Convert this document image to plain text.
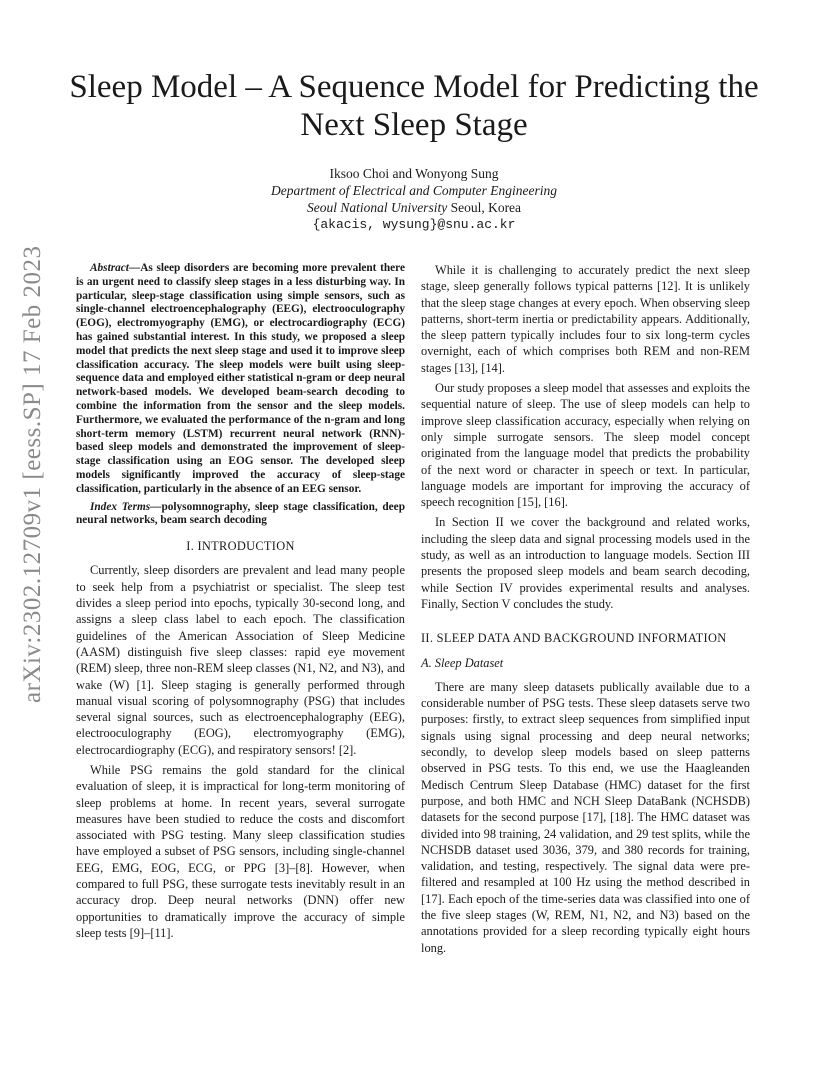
arXiv:2302.12709v1 [eess.SP] 17 Feb 2023
Sleep Model – A Sequence Model for Predicting the Next Sleep Stage
Iksoo Choi and Wonyong Sung
Department of Electrical and Computer Engineering
Seoul National University Seoul, Korea
{akacis, wysung}@snu.ac.kr

Abstract—As sleep disorders are becoming more prevalent there is an urgent need to classify sleep stages in a less disturbing way. In particular, sleep-stage classification using simple sensors, such as single-channel electroencephalography (EEG), electrooculography (EOG), electromyography (EMG), or electrocardiography (ECG) has gained substantial interest. In this study, we proposed a sleep model that predicts the next sleep stage and used it to improve sleep classification accuracy. The sleep models were built using sleep-sequence data and employed either statistical n-gram or deep neural network-based models. We developed beam-search decoding to combine the information from the sensor and the sleep models. Furthermore, we evaluated the performance of the n-gram and long short-term memory (LSTM) recurrent neural network (RNN)-based sleep models and demonstrated the improvement of sleep-stage classification using an EOG sensor. The developed sleep models significantly improved the accuracy of sleep-stage classification, particularly in the absence of an EEG sensor.

Index Terms—polysomnography, sleep stage classification, deep neural networks, beam search decoding

I. INTRODUCTION

Currently, sleep disorders are prevalent and lead many people to seek help from a psychiatrist or specialist. The sleep test divides a sleep period into epochs, typically 30-second long, and assigns a sleep class label to each epoch. The classification guidelines of the American Association of Sleep Medicine (AASM) distinguish five sleep classes: rapid eye movement (REM) sleep, three non-REM sleep classes (N1, N2, and N3), and wake (W) [1]. Sleep staging is generally performed through manual visual scoring of polysomnography (PSG) that includes several signal sources, such as electroencephalography (EEG), electrooculography (EOG), electromyography (EMG), electrocardiography (ECG), and respiratory sensors! [2].

While PSG remains the gold standard for the clinical evaluation of sleep, it is impractical for long-term monitoring of sleep problems at home. In recent years, several surrogate measures have been studied to reduce the costs and discomfort associated with PSG testing. Many sleep classification studies have employed a subset of PSG sensors, including single-channel EEG, EMG, EOG, ECG, or PPG [3]–[8]. However, when compared to full PSG, these surrogate tests inevitably result in an accuracy drop. Deep neural networks (DNN) offer new opportunities to dramatically improve the accuracy of simple sleep tests [9]–[11].

While it is challenging to accurately predict the next sleep stage, sleep generally follows typical patterns [12]. It is unlikely that the sleep stage changes at every epoch. When observing sleep patterns, short-term inertia or predictability appears. Additionally, the sleep pattern typically includes four to six long-term cycles overnight, each of which comprises both REM and non-REM stages [13], [14].

Our study proposes a sleep model that assesses and exploits the sequential nature of sleep. The use of sleep models can help to improve sleep classification accuracy, especially when relying on only simple surrogate sensors. The sleep model concept originated from the language model that predicts the probability of the next word or character in speech or text. In particular, language models are important for improving the accuracy of speech recognition [15], [16].

In Section II we cover the background and related works, including the sleep data and signal processing models used in the study, as well as an introduction to language models. Section III presents the proposed sleep models and beam search decoding, while Section IV provides experimental results and analyses. Finally, Section V concludes the study.

II. SLEEP DATA AND BACKGROUND INFORMATION
A. Sleep Dataset

There are many sleep datasets publically available due to a considerable number of PSG tests. These sleep datasets serve two purposes: firstly, to extract sleep sequences from simplified input signals using signal processing and deep neural networks; secondly, to develop sleep models based on sleep patterns observed in PSG tests. To this end, we use the Haagleanden Medisch Centrum Sleep Database (HMC) dataset for the first purpose, and both HMC and NCH Sleep DataBank (NCHSDB) datasets for the second purpose [17], [18]. The HMC dataset was divided into 98 training, 24 validation, and 29 test splits, while the NCHSDB dataset used 3036, 379, and 380 records for training, validation, and testing, respectively. The signal data were pre-filtered and resampled at 100 Hz using the method described in [17]. Each epoch of the time-series data was classified into one of the five sleep stages (W, REM, N1, N2, and N3) based on the annotations provided for a sleep recording typically eight hours long.
